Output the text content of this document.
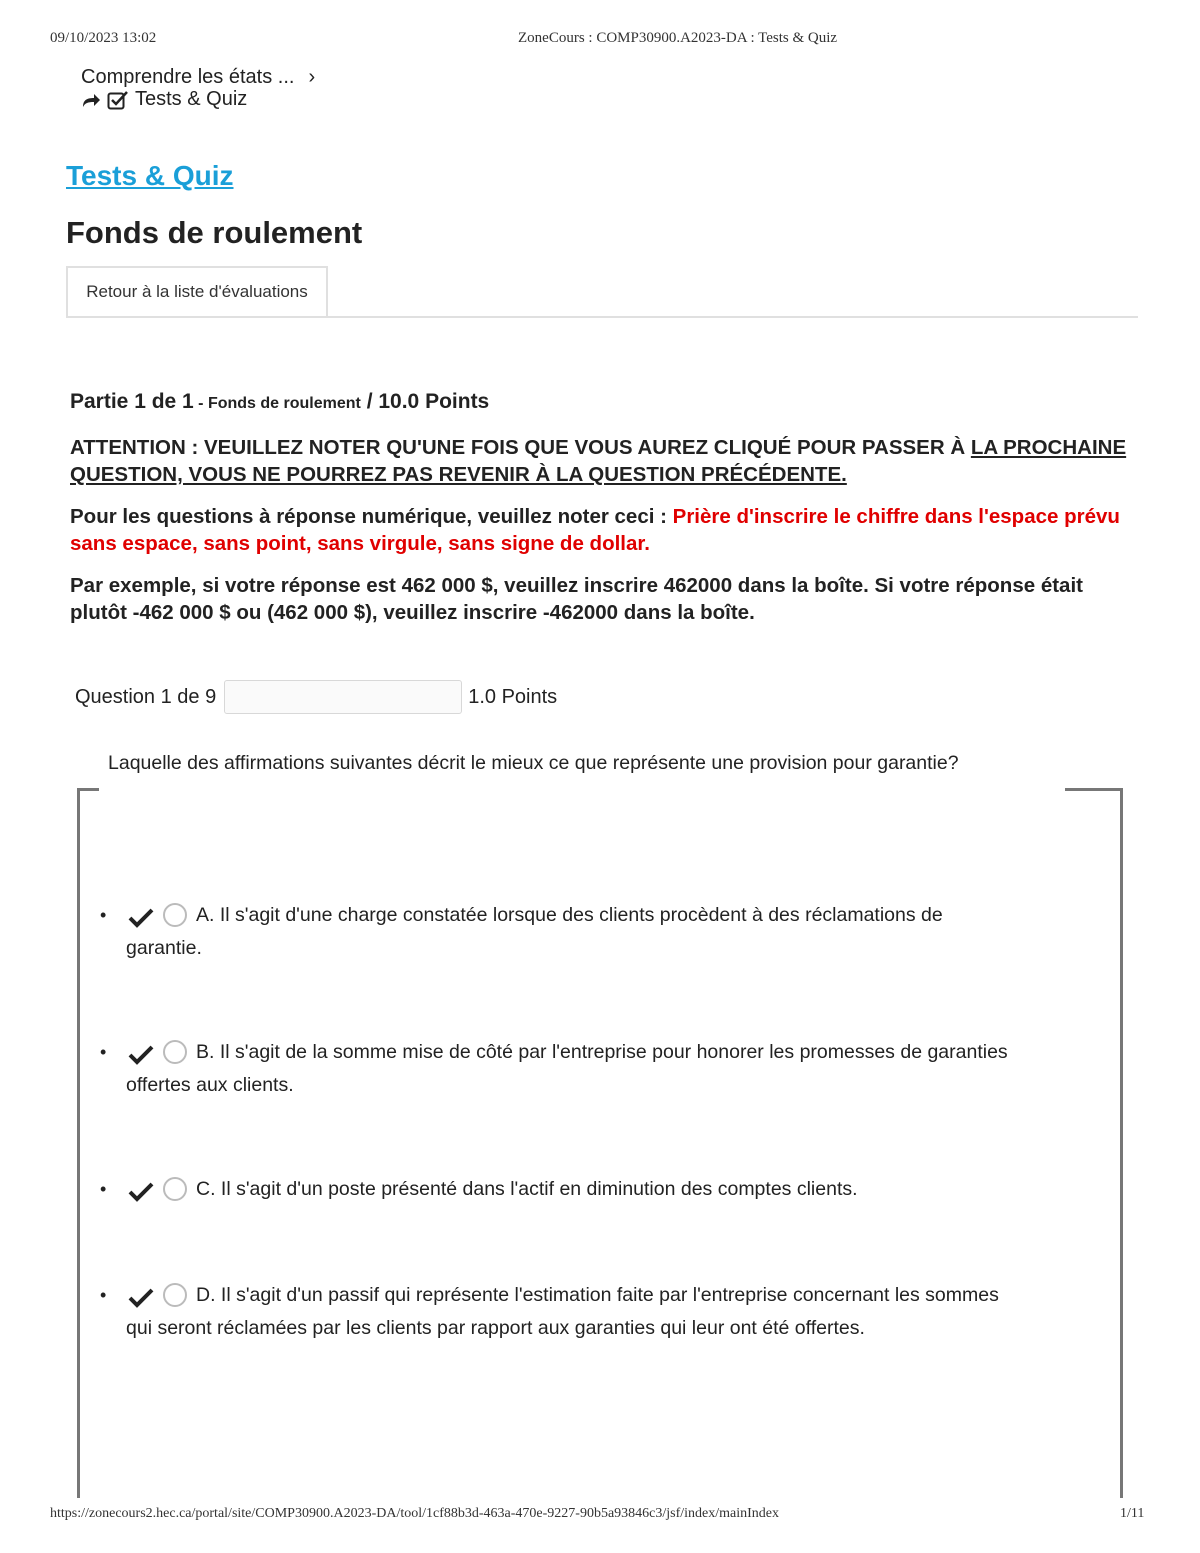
09/10/2023 13:02	ZoneCours : COMP30900.A2023-DA : Tests & Quiz
Comprendre les états ... ›
Tests & Quiz
Tests & Quiz
Fonds de roulement
Retour à la liste d'évaluations
Partie 1 de 1 - Fonds de roulement / 10.0 Points
ATTENTION : VEUILLEZ NOTER QU'UNE FOIS QUE VOUS AUREZ CLIQUÉ POUR PASSER À LA PROCHAINE QUESTION, VOUS NE POURREZ PAS REVENIR À LA QUESTION PRÉCÉDENTE.
Pour les questions à réponse numérique, veuillez noter ceci : Prière d'inscrire le chiffre dans l'espace prévu sans espace, sans point, sans virgule, sans signe de dollar.
Par exemple, si votre réponse est 462 000 $, veuillez inscrire 462000 dans la boîte. Si votre réponse était plutôt -462 000 $ ou (462 000 $), veuillez inscrire -462000 dans la boîte.
Question 1 de 9	1.0 Points
Laquelle des affirmations suivantes décrit le mieux ce que représente une provision pour garantie?
•	A. Il s'agit d'une charge constatée lorsque des clients procèdent à des réclamations de
garantie.
•	B. Il s'agit de la somme mise de côté par l'entreprise pour honorer les promesses de garanties
offertes aux clients.
•	C. Il s'agit d'un poste présenté dans l'actif en diminution des comptes clients.
•	D. Il s'agit d'un passif qui représente l'estimation faite par l'entreprise concernant les sommes
qui seront réclamées par les clients par rapport aux garanties qui leur ont été offertes.
https://zonecours2.hec.ca/portal/site/COMP30900.A2023-DA/tool/1cf88b3d-463a-470e-9227-90b5a93846c3/jsf/index/mainIndex	1/11
